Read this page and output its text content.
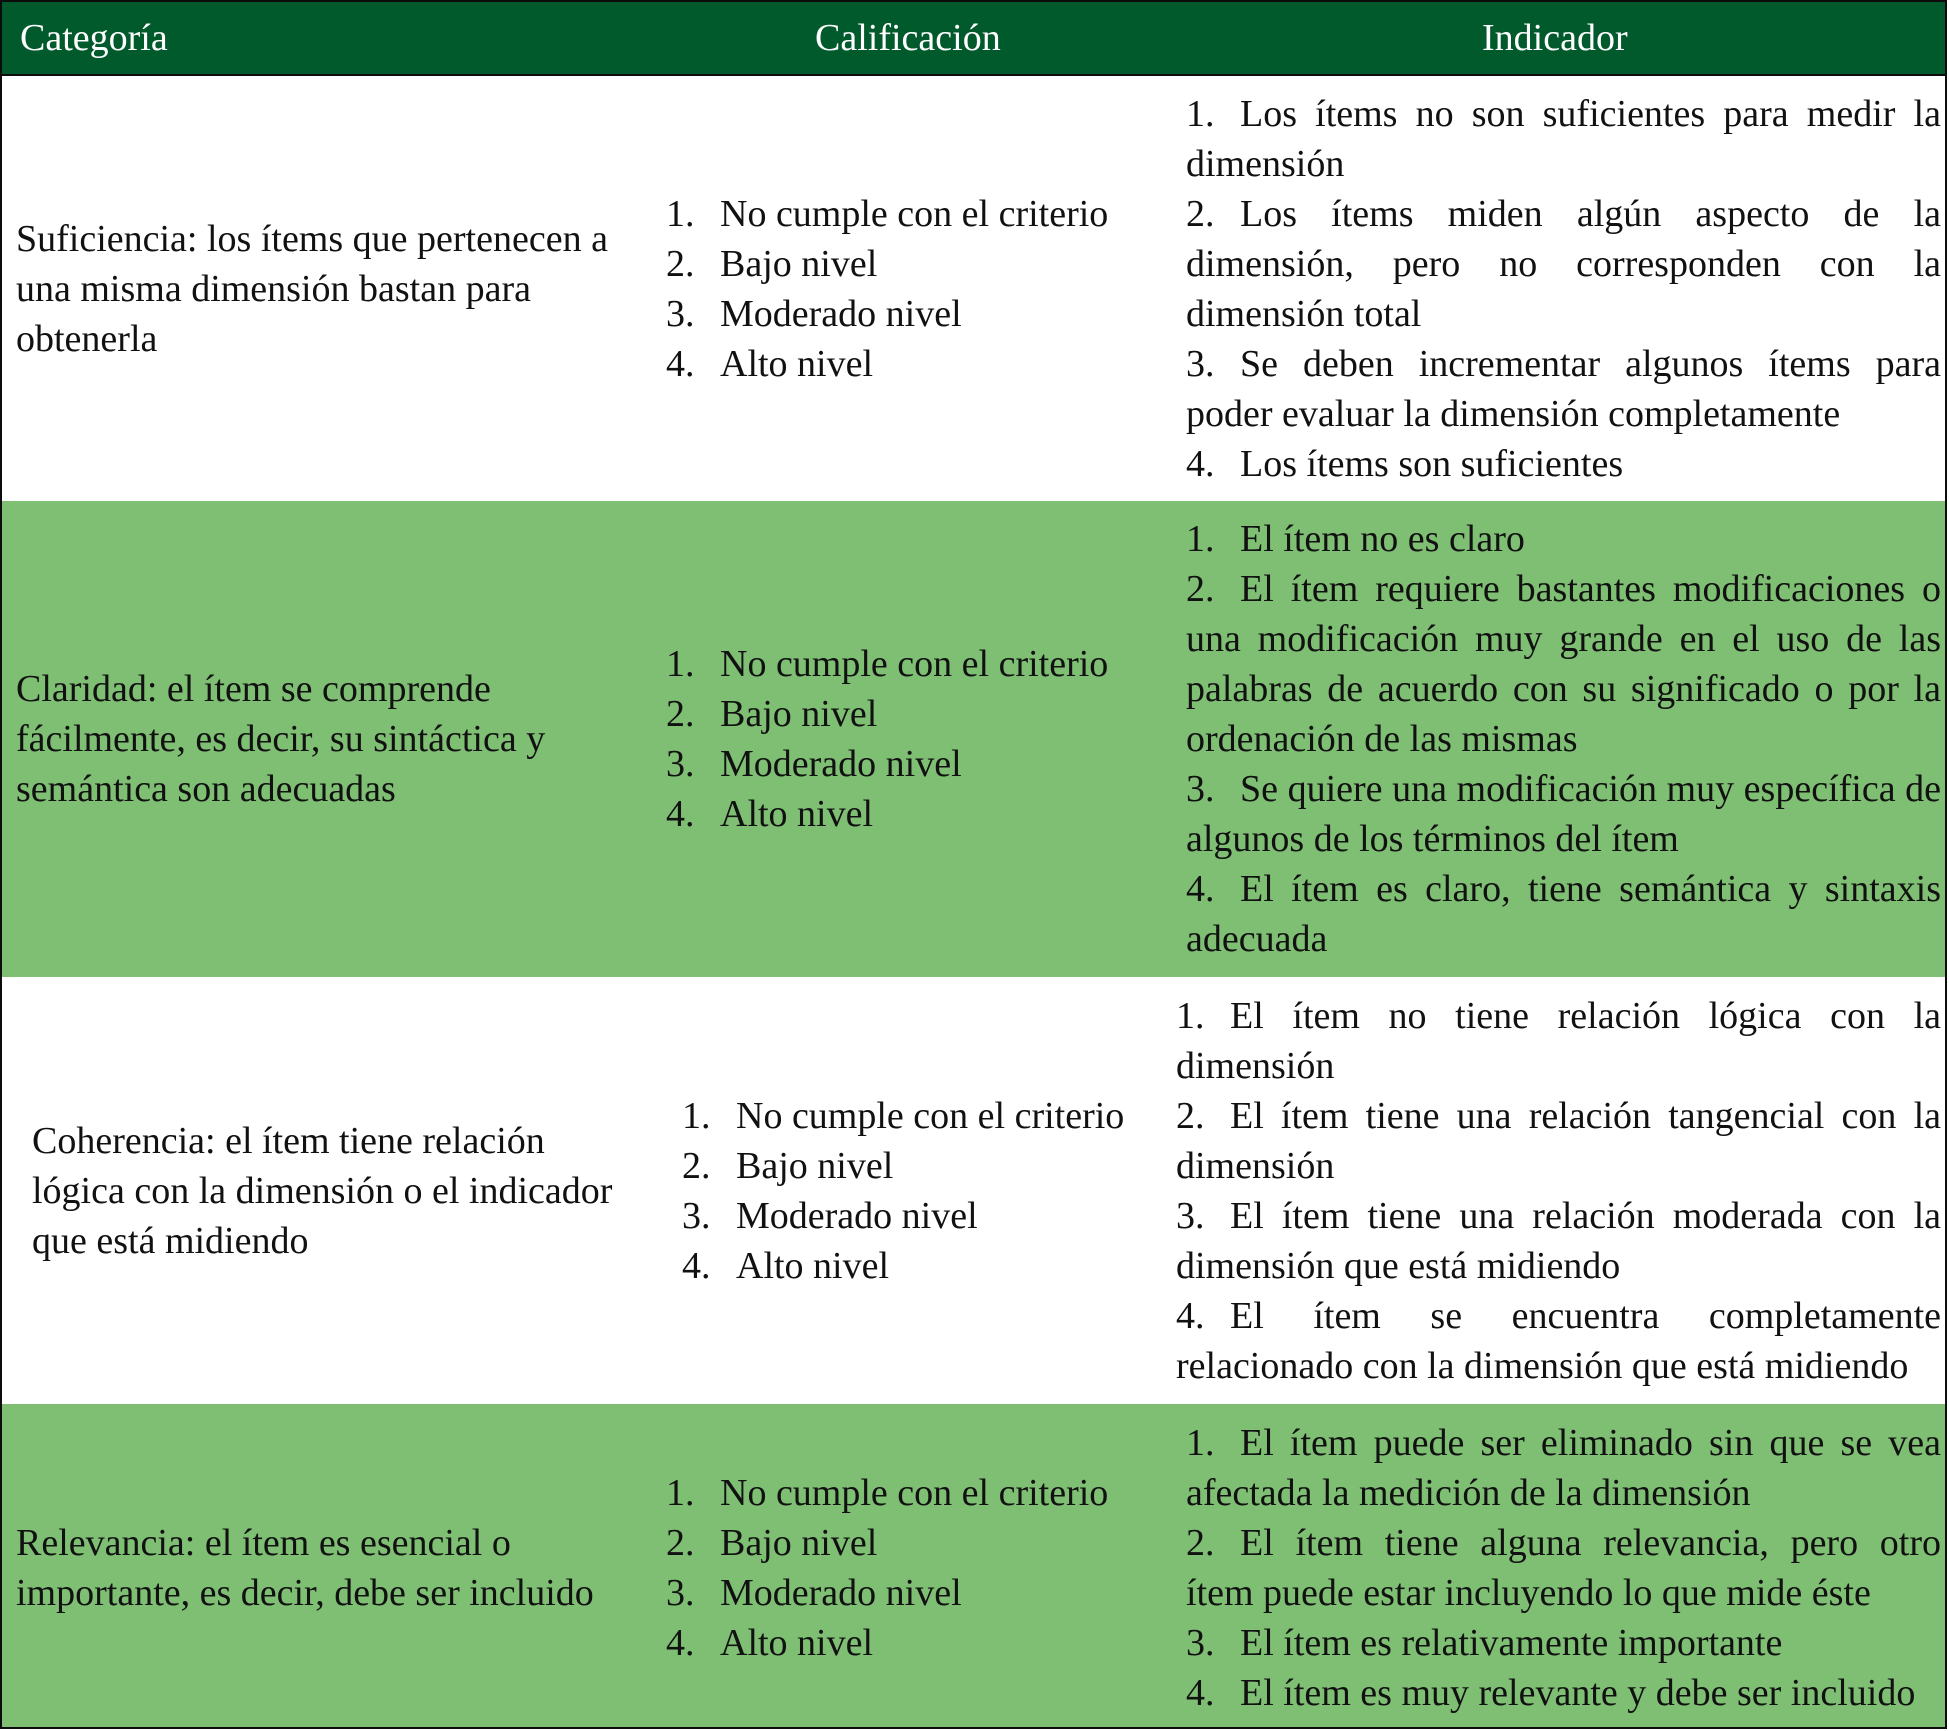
Categoría	Calificación	Indicador
Suficiencia: los ítems que pertenecen a una misma dimensión bastan para obtenerla
1. No cumple con el criterio
2. Bajo nivel
3. Moderado nivel
4. Alto nivel

1. Los ítems no son suficientes para medir la dimensión

2. Los ítems miden algún aspecto de la dimensión, pero no corresponden con la dimensión total

3. Se deben incrementar algunos ítems para poder evaluar la dimensión completamente

4. Los ítems son suficientes

Claridad: el ítem se comprende fácilmente, es decir, su sintáctica y semántica son adecuadas
1. No cumple con el criterio
2. Bajo nivel
3. Moderado nivel
4. Alto nivel

1. El ítem no es claro

2. El ítem requiere bastantes modificaciones o una modificación muy grande en el uso de las palabras de acuerdo con su significado o por la ordenación de las mismas

3. Se quiere una modificación muy específica de algunos de los términos del ítem

4. El ítem es claro, tiene semántica y sintaxis adecuada

Coherencia: el ítem tiene relación lógica con la dimensión o el indicador que está midiendo
1. No cumple con el criterio
2. Bajo nivel
3. Moderado nivel
4. Alto nivel

1. El ítem no tiene relación lógica con la dimensión

2. El ítem tiene una relación tangencial con la dimensión

3. El ítem tiene una relación moderada con la dimensión que está midiendo

4. El ítem se encuentra completamente relacionado con la dimensión que está midiendo

Relevancia: el ítem es esencial o importante, es decir, debe ser incluido
1. No cumple con el criterio
2. Bajo nivel
3. Moderado nivel
4. Alto nivel

1. El ítem puede ser eliminado sin que se vea afectada la medición de la dimensión

2. El ítem tiene alguna relevancia, pero otro ítem puede estar incluyendo lo que mide éste

3. El ítem es relativamente importante

4. El ítem es muy relevante y debe ser incluido
